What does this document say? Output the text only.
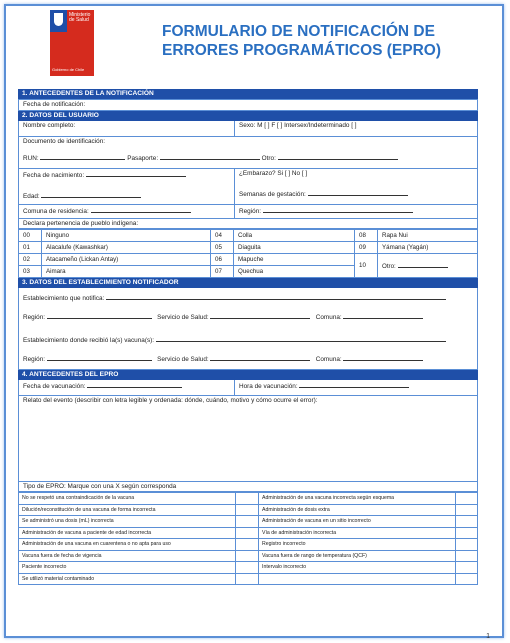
Ministerio de Salud
Gobierno de Chile
FORMULARIO DE NOTIFICACIÓN DE
ERRORES PROGRAMÁTICOS (EPRO)
1. ANTECEDENTES DE LA NOTIFICACIÓN
Fecha de notificación:
2. DATOS DEL USUARIO
Nombre completo:	Sexo: M [ ] F [ ] Intersex/Indeterminado [ ]
Documento de identificación:
RUN:	Pasaporte:	Otro:
Fecha de nacimiento:
Edad:
¿Embarazo? Si [ ] No [ ]
Semanas de gestación:
Comuna de residencia:	Región:
Declara pertenencia de pueblo indígena:
00	Ninguno	04	Colla	08	Rapa Nui
01	Alacalufe (Kawashkar)	05	Diaguita	09	Yámana (Yagán)
02	Atacameño (Lickan Antay)	06	Mapuche	10	Otro:
03	Aimara	07	Quechua		
3. DATOS DEL ESTABLECIMIENTO NOTIFICADOR
Establecimiento que notifica:
Región:	Servicio de Salud:	Comuna:
Establecimiento donde recibió la(s) vacuna(s):
Región:	Servicio de Salud:	Comuna:
4. ANTECEDENTES DEL EPRO
Fecha de vacunación:	Hora de vacunación:
Relato del evento (describir con letra legible y ordenada: dónde, cuándo, motivo y cómo ocurre el error):
Tipo de EPRO: Marque con una X según corresponda
No se respetó una contraindicación de la vacuna		Administración de una vacuna incorrecta según esquema	
Dilución/reconstitución de una vacuna de forma incorrecta		Administración de dosis extra	
Se administró una dosis (mL) incorrecta		Administración de vacuna en un sitio incorrecto	
Administración de vacuna a paciente de edad incorrecta		Vía de administración incorrecta	
Administración de una vacuna en cuarentena o no apta para uso		Registro incorrecto	
Vacuna fuera de fecha de vigencia		Vacuna fuera de rango de temperatura (QCF)	
Paciente incorrecto		Intervalo incorrecto	
Se utilizó material contaminado			
1
